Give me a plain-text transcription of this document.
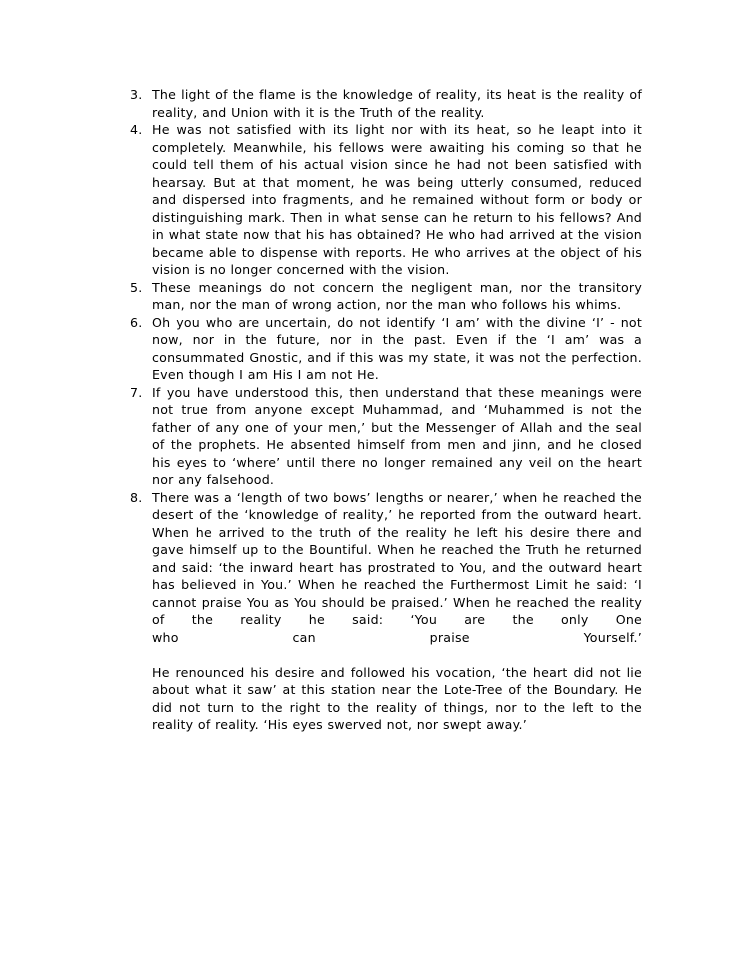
3. The light of the flame is the knowledge of reality, its heat is the reality of reality, and Union with it is the Truth of the reality.
4. He was not satisfied with its light nor with its heat, so he leapt into it completely. Meanwhile, his fellows were awaiting his coming so that he could tell them of his actual vision since he had not been satisfied with hearsay. But at that moment, he was being utterly consumed, reduced and dispersed into fragments, and he remained without form or body or distinguishing mark. Then in what sense can he return to his fellows? And in what state now that his has obtained? He who had arrived at the vision became able to dispense with reports. He who arrives at the object of his vision is no longer concerned with the vision.
5. These meanings do not concern the negligent man, nor the transitory man, nor the man of wrong action, nor the man who follows his whims.
6. Oh you who are uncertain, do not identify ‘I am’ with the divine ‘I’ - not now, nor in the future, nor in the past. Even if the ‘I am’ was a consummated Gnostic, and if this was my state, it was not the perfection. Even though I am His I am not He.
7. If you have understood this, then understand that these meanings were not true from anyone except Muhammad, and ‘Muhammed is not the father of any one of your men,’ but the Messenger of Allah and the seal of the prophets. He absented himself from men and jinn, and he closed his eyes to ‘where’ until there no longer remained any veil on the heart nor any falsehood.
8. There was a ‘length of two bows’ lengths or nearer,’ when he reached the desert of the ‘knowledge of reality,’ he reported from the outward heart. When he arrived to the truth of the reality he left his desire there and gave himself up to the Bountiful. When he reached the Truth he returned and said: ‘the inward heart has prostrated to You, and the outward heart has believed in You.’ When he reached the Furthermost Limit he said: ‘I cannot praise You as You should be praised.’ When he reached the reality of the reality he said: ‘You are the only One
who can praise Yourself.’
He renounced his desire and followed his vocation, ‘the heart did not lie about what it saw’ at this station near the Lote-Tree of the Boundary. He did not turn to the right to the reality of things, nor to the left to the reality of reality. ‘His eyes swerved not, nor swept away.’
